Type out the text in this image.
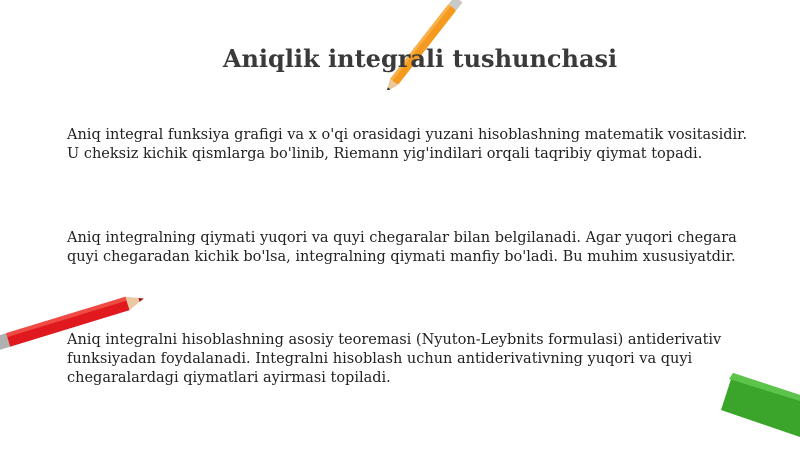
Aniqlik integrali tushunchasi

Aniq integral funksiya grafigi va x o'qi orasidagi yuzani hisoblashning matematik vositasidir. U cheksiz kichik qismlarga bo'linib, Riemann yig'indilari orqali taqribiy qiymat topadi.

Aniq integralning qiymati yuqori va quyi chegaralar bilan belgilanadi. Agar yuqori chegara quyi chegaradan kichik bo'lsa, integralning qiymati manfiy bo'ladi. Bu muhim xususiyatdir.

Aniq integralni hisoblashning asosiy teoremasi (Nyuton-Leybnits formulasi) antiderivativ funksiyadan foydalanadi. Integralni hisoblash uchun antiderivativning yuqori va quyi chegaralardagi qiymatlari ayirmasi topiladi.
